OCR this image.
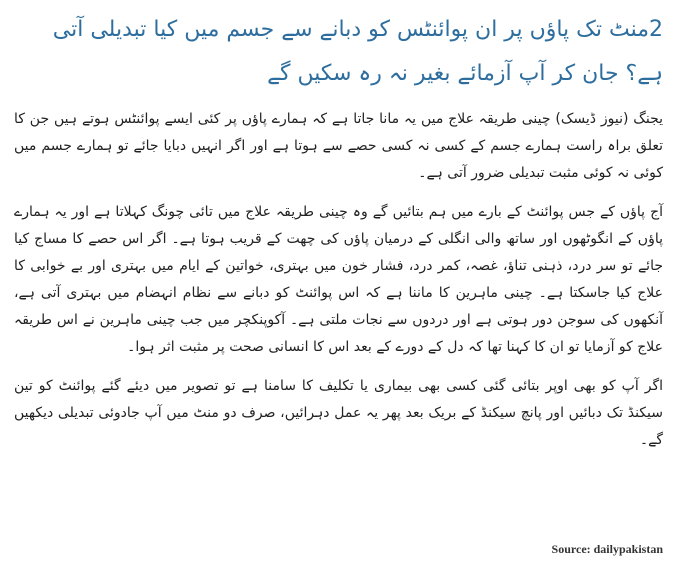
2منٹ تک پاؤں پر ان پوائنٹس کو دبانے سے جسم میں کیا تبدیلی آتی ہے؟ جان کر آپ آزمائے بغیر نہ رہ سکیں گے

یجنگ (نیوز ڈیسک) چینی طریقہ علاج میں یہ مانا جاتا ہے کہ ہمارے پاؤں پر کئی ایسے پوائنٹس ہوتے ہیں جن کا تعلق براہ راست ہمارے جسم کے کسی نہ کسی حصے سے ہوتا ہے اور اگر انہیں دبایا جائے تو ہمارے جسم میں کوئی نہ کوئی مثبت تبدیلی ضرور آتی ہے۔

آج پاؤں کے جس پوائنٹ کے بارے میں ہم بتائیں گے وہ چینی طریقہ علاج میں تائی چونگ کہلاتا ہے اور یہ ہمارے پاؤں کے انگوٹھوں اور ساتھ والی انگلی کے درمیان پاؤں کی چھت کے قریب ہوتا ہے۔ اگر اس حصے کا مساج کیا جائے تو سر درد، ذہنی تناؤ، غصہ، کمر درد، فشار خون میں بہتری، خواتین کے ایام میں بہتری اور بے خوابی کا علاج کیا جاسکتا ہے۔ چینی ماہرین کا ماننا ہے کہ اس پوائنٹ کو دبانے سے نظام انہضام میں بہتری آتی ہے، آنکھوں کی سوجن دور ہوتی ہے اور دردوں سے نجات ملتی ہے۔ آکوپنکچر میں جب چینی ماہرین نے اس طریقہ علاج کو آزمایا تو ان کا کہنا تھا کہ دل کے دورے کے بعد اس کا انسانی صحت پر مثبت اثر ہوا۔

اگر آپ کو بھی اوپر بتائی گئی کسی بھی بیماری یا تکلیف کا سامنا ہے تو تصویر میں دیئے گئے پوائنٹ کو تین سیکنڈ تک دبائیں اور پانچ سیکنڈ کے بریک بعد پھر یہ عمل دہرائیں، صرف دو منٹ میں آپ جادوئی تبدیلی دیکھیں گے۔

Source: dailypakistan
